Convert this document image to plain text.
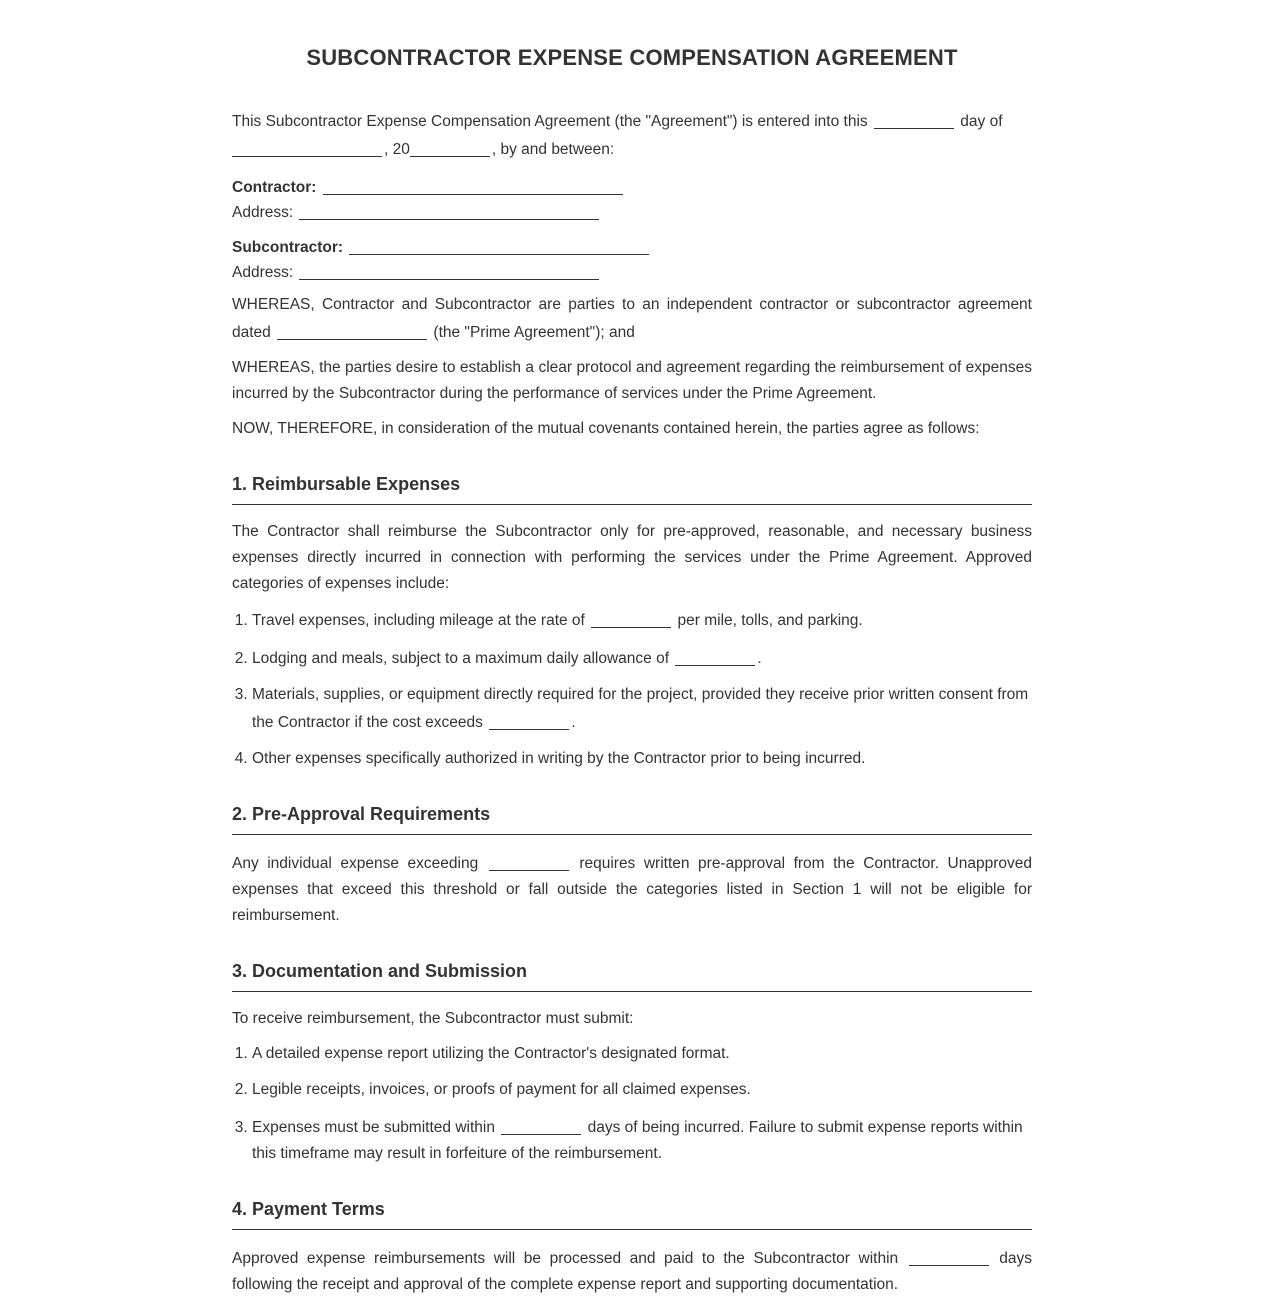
SUBCONTRACTOR EXPENSE COMPENSATION AGREEMENT

This Subcontractor Expense Compensation Agreement (the "Agreement") is entered into this	day of
, 20	, by and between:

Contractor:
Address:
Subcontractor:
Address:

WHEREAS, Contractor and Subcontractor are parties to an independent contractor or subcontractor agreement dated	(the "Prime Agreement"); and

WHEREAS, the parties desire to establish a clear protocol and agreement regarding the reimbursement of expenses incurred by the Subcontractor during the performance of services under the Prime Agreement.

NOW, THEREFORE, in consideration of the mutual covenants contained herein, the parties agree as follows:

1. Reimbursable Expenses

The Contractor shall reimburse the Subcontractor only for pre-approved, reasonable, and necessary business expenses directly incurred in connection with performing the services under the Prime Agreement. Approved categories of expenses include:

1. Travel expenses, including mileage at the rate of	per mile, tolls, and parking.
2. Lodging and meals, subject to a maximum daily allowance of	.
3. Materials, supplies, or equipment directly required for the project, provided they receive prior written consent from the Contractor if the cost exceeds	.
4. Other expenses specifically authorized in writing by the Contractor prior to being incurred.
2. Pre-Approval Requirements

Any individual expense exceeding	requires written pre-approval from the Contractor. Unapproved expenses that exceed this threshold or fall outside the categories listed in Section 1 will not be eligible for reimbursement.

3. Documentation and Submission

To receive reimbursement, the Subcontractor must submit:

1. A detailed expense report utilizing the Contractor's designated format.
2. Legible receipts, invoices, or proofs of payment for all claimed expenses.
3. Expenses must be submitted within	days of being incurred. Failure to submit expense reports within this timeframe may result in forfeiture of the reimbursement.
4. Payment Terms

Approved expense reimbursements will be processed and paid to the Subcontractor within	days following the receipt and approval of the complete expense report and supporting documentation.
